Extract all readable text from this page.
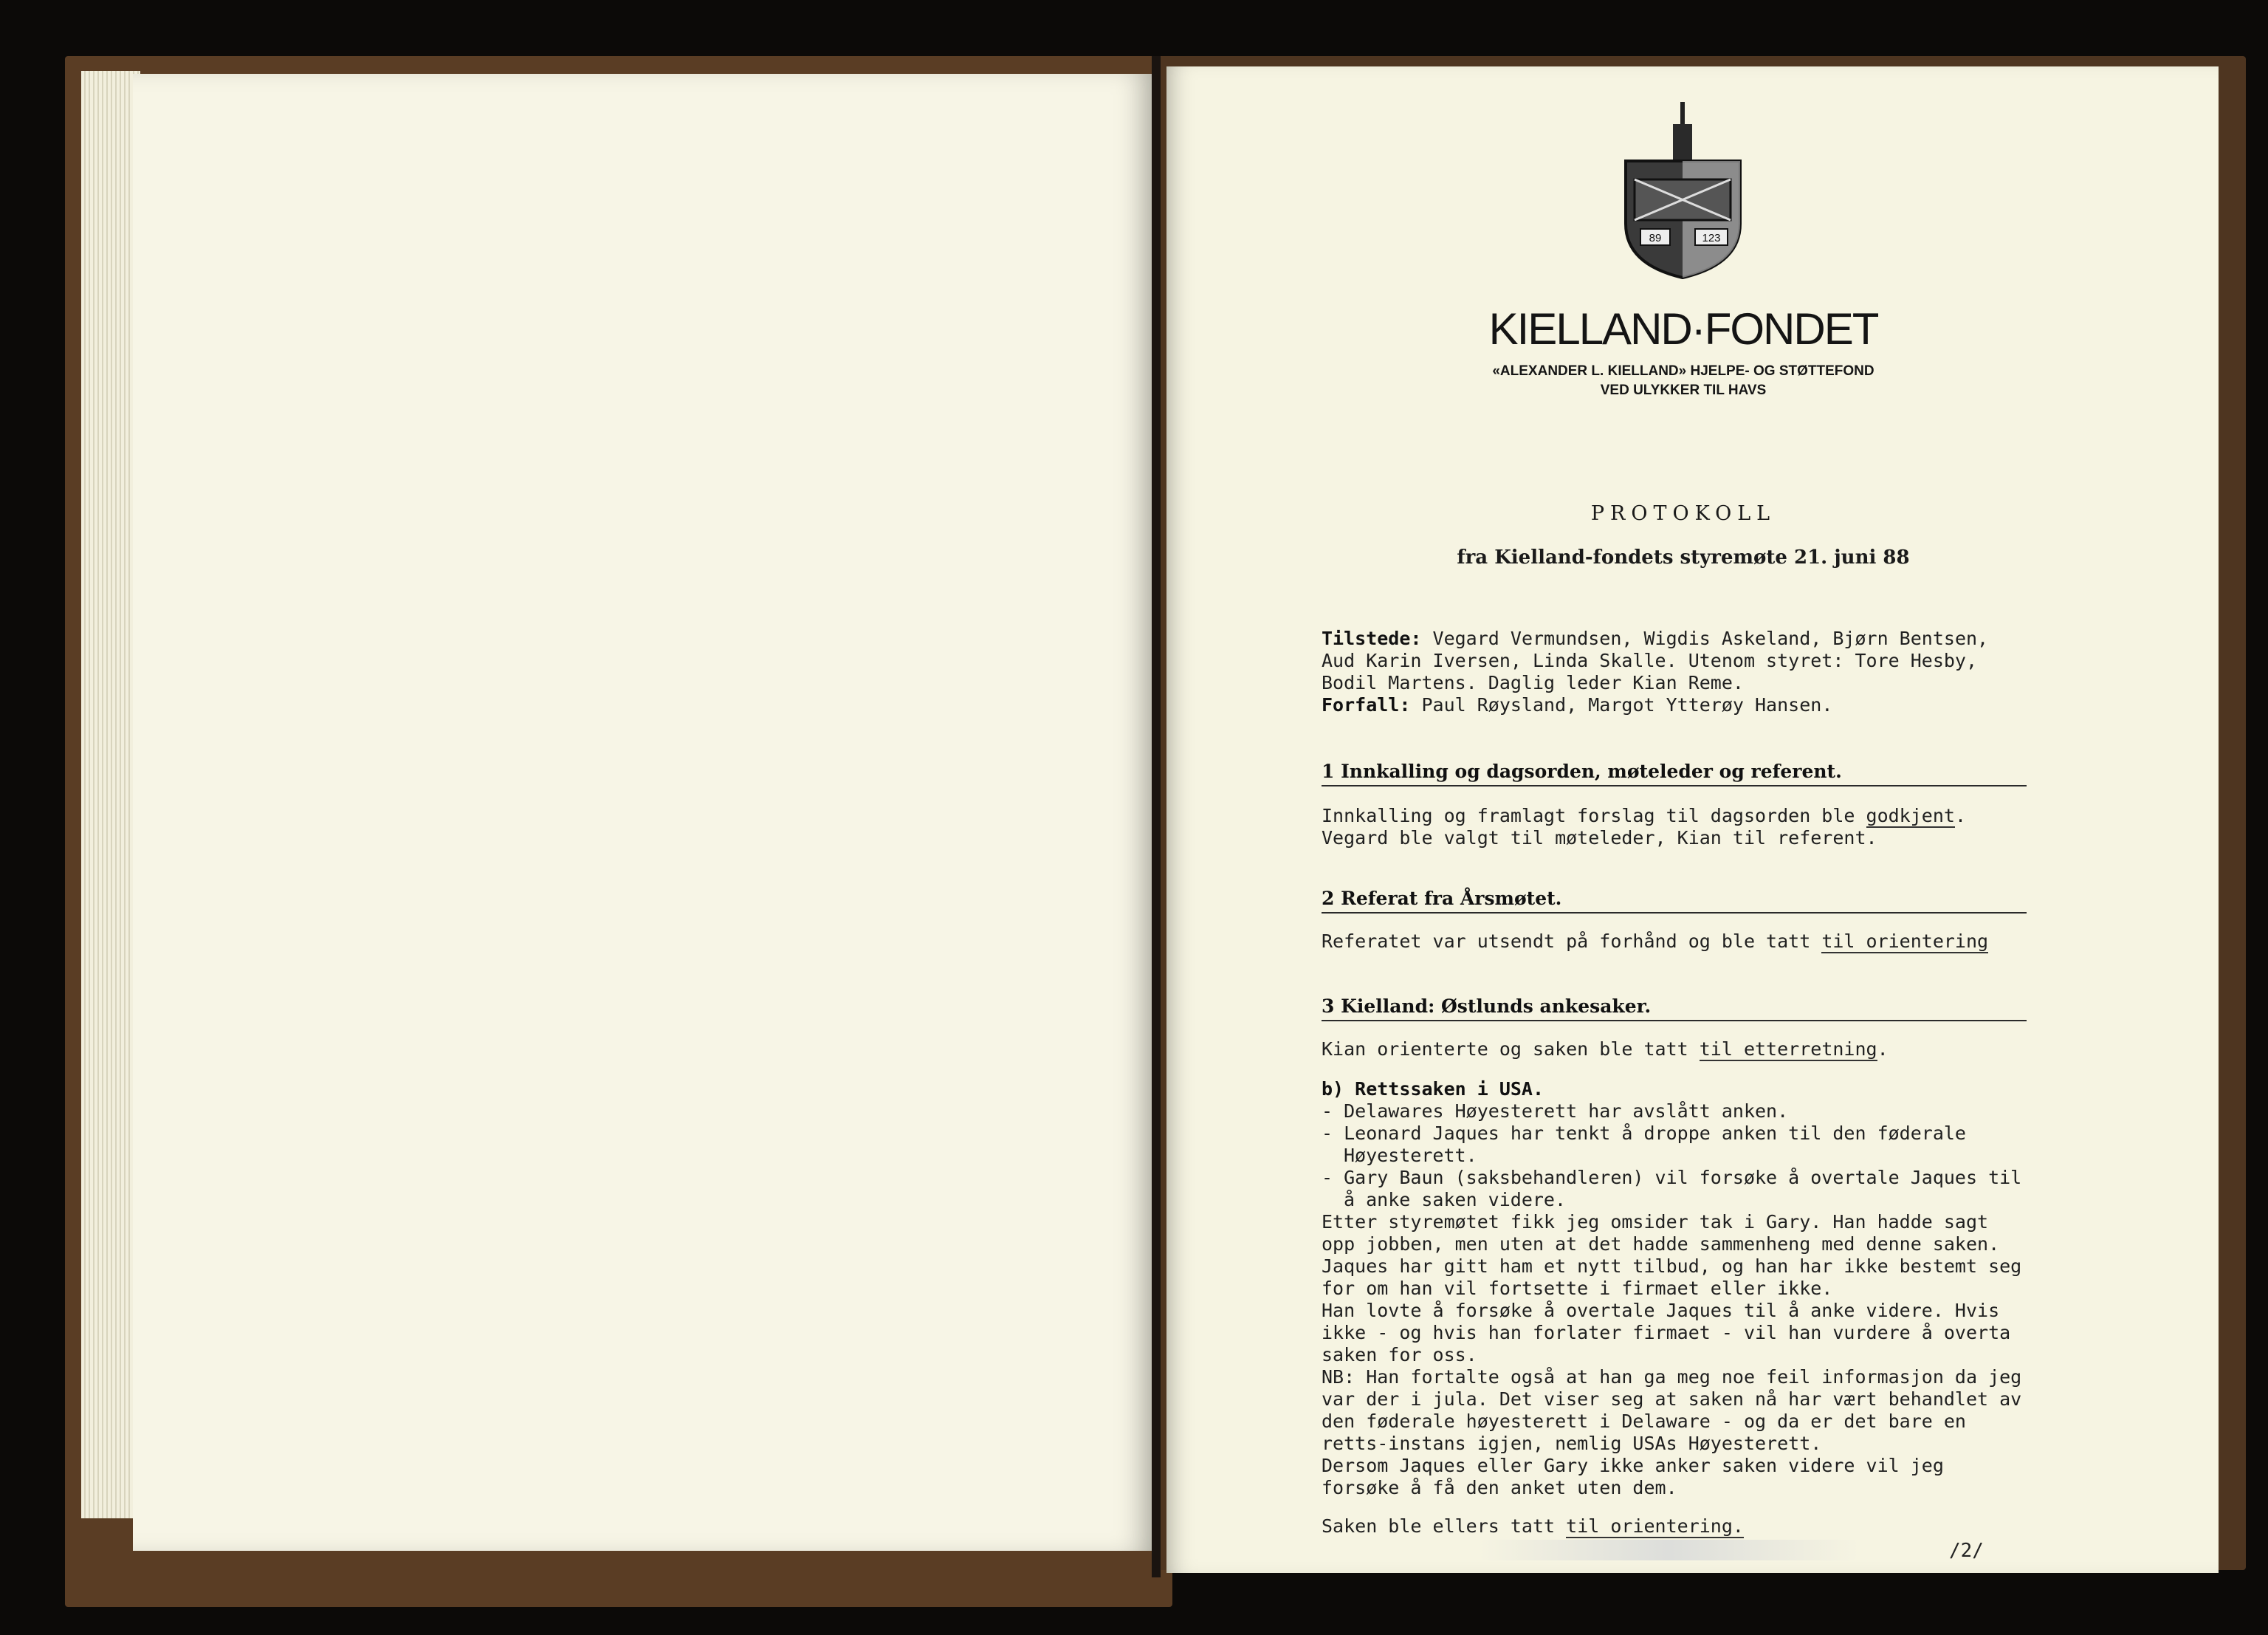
89	123
KIELLAND·FONDET
«ALEXANDER L. KIELLAND» HJELPE- OG STØTTEFOND
VED ULYKKER TIL HAVS
PROTOKOLL
fra Kielland-fondets styremøte 21. juni 88
Tilstede: Vegard Vermundsen, Wigdis Askeland, Bjørn Bentsen, Aud Karin Iversen, Linda Skalle. Utenom styret: Tore Hesby, Bodil Martens. Daglig leder Kian Reme.
Forfall: Paul Røysland, Margot Ytterøy Hansen.
1 Innkalling og dagsorden, møteleder og referent.
Innkalling og framlagt forslag til dagsorden ble godkjent.
Vegard ble valgt til møteleder, Kian til referent.
2 Referat fra Årsmøtet.
Referatet var utsendt på forhånd og ble tatt til orientering
3 Kielland: Østlunds ankesaker.
Kian orienterte og saken ble tatt til etterretning.
b) Rettssaken i USA.
- Delawares Høyesterett har avslått anken.
- Leonard Jaques har tenkt å droppe anken til den føderale Høyesterett.
- Gary Baun (saksbehandleren) vil forsøke å overtale Jaques til å anke saken videre.
Etter styremøtet fikk jeg omsider tak i Gary. Han hadde sagt opp jobben, men uten at det hadde sammenheng med denne saken. Jaques har gitt ham et nytt tilbud, og han har ikke bestemt seg for om han vil fortsette i firmaet eller ikke.
Han lovte å forsøke å overtale Jaques til å anke videre. Hvis ikke - og hvis han forlater firmaet - vil han vurdere å overta saken for oss.
NB: Han fortalte også at han ga meg noe feil informasjon da jeg var der i jula. Det viser seg at saken nå har vært behandlet av den føderale høyesterett i Delaware - og da er det bare en retts-instans igjen, nemlig USAs Høyesterett.
Dersom Jaques eller Gary ikke anker saken videre vil jeg forsøke å få den anket uten dem.
Saken ble ellers tatt til orientering.
/2/
